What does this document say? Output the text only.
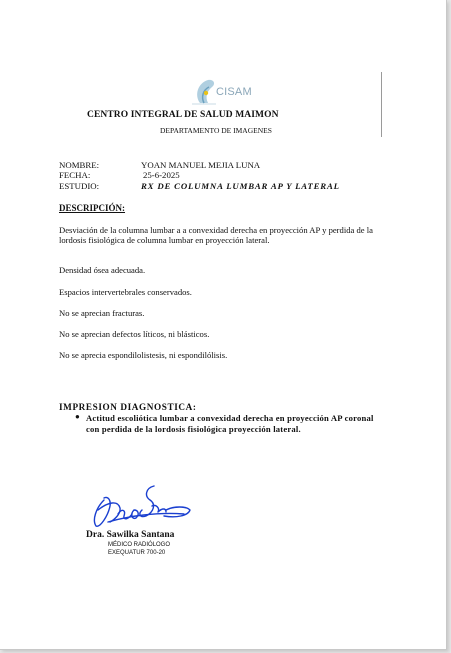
CISAM
CENTRO INTEGRAL DE SALUD MAIMON
DEPARTAMENTO DE IMAGENES
NOMBRE:	YOAN MANUEL MEJIA LUNA
FECHA:	25-6-2025
ESTUDIO:	RX DE COLUMNA LUMBAR AP Y LATERAL
DESCRIPCIÓN:
Desviación de la columna lumbar a a convexidad derecha en proyección AP y perdida de la lordosis fisiológica de columna lumbar en proyección lateral.
Densidad ósea adecuada.
Espacios intervertebrales conservados.
No se aprecian fracturas.
No se aprecian defectos líticos, ni blásticos.
No se aprecia espondilolistesis, ni espondilólisis.
IMPRESION DIAGNOSTICA:
● Actitud escoliótica lumbar a convexidad derecha en proyección AP coronal con perdida de la lordosis fisiológica proyección lateral.
Dra. Sawilka Santana
MÉDICO RADIÓLOGO
EXEQUATUR 700-20
